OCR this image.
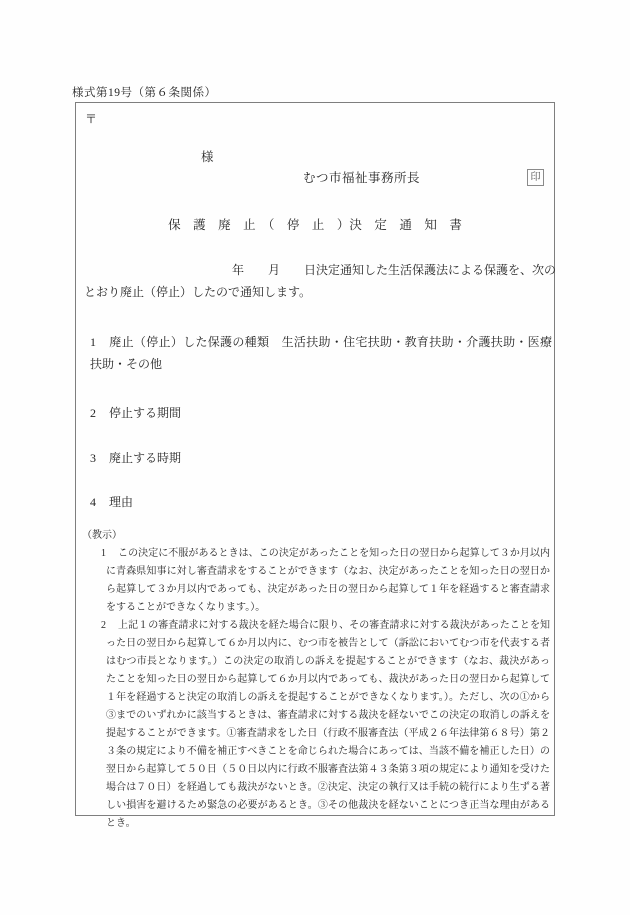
様式第19号（第６条関係）
〒
様
むつ市福祉事務所長	印
保　護　廃　止　（　停　止　）決　定　通　知　書
年　　月　　日決定通知した生活保護法による保護を、次の
とおり廃止（停止）したので通知します。
1 廃止（停止）した保護の種類　生活扶助・住宅扶助・教育扶助・介護扶助・医療扶助・その他
2 停止する期間
3 廃止する時期
4 理由
（教示）
1 この決定に不服があるときは、この決定があったことを知った日の翌日から起算して３か月以内に青森県知事に対し審査請求をすることができます（なお、決定があったことを知った日の翌日から起算して３か月以内であっても、決定があった日の翌日から起算して１年を経過すると審査請求をすることができなくなります。）。
2 上記１の審査請求に対する裁決を経た場合に限り、その審査請求に対する裁決があったことを知った日の翌日から起算して６か月以内に、むつ市を被告として（訴訟においてむつ市を代表する者はむつ市長となります。）この決定の取消しの訴えを提起することができます（なお、裁決があったことを知った日の翌日から起算して６か月以内であっても、裁決があった日の翌日から起算して１年を経過すると決定の取消しの訴えを提起することができなくなります。）。ただし、次の①から③までのいずれかに該当するときは、審査請求に対する裁決を経ないでこの決定の取消しの訴えを提起することができます。①審査請求をした日（行政不服審査法（平成２６年法律第６８号）第２３条の規定により不備を補正すべきことを命じられた場合にあっては、当該不備を補正した日）の翌日から起算して５０日（５０日以内に行政不服審査法第４３条第３項の規定により通知を受けた場合は７０日）を経過しても裁決がないとき。②決定、決定の執行又は手続の続行により生ずる著しい損害を避けるため緊急の必要があるとき。③その他裁決を経ないことにつき正当な理由があるとき。
